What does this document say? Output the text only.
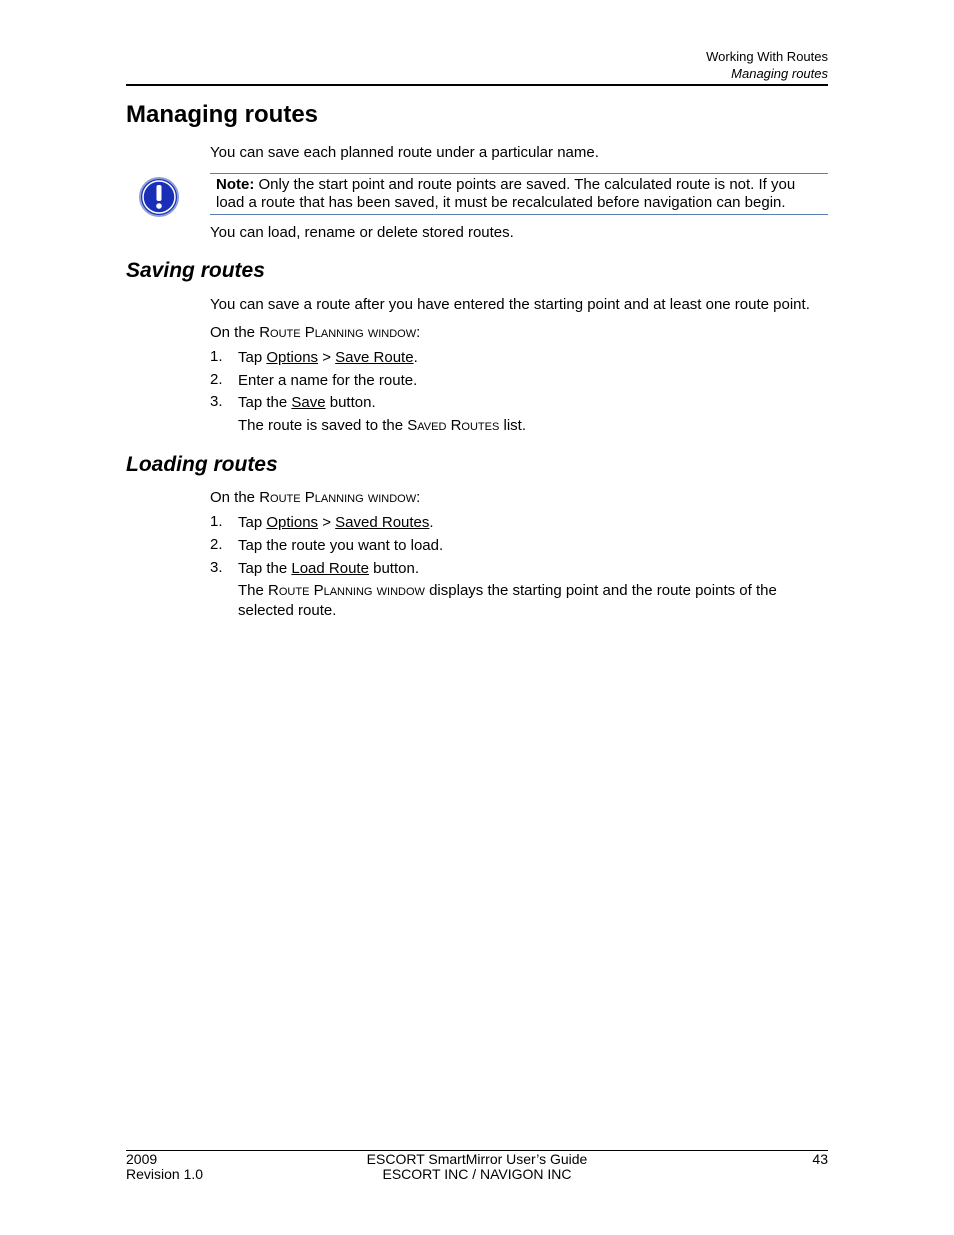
Working With Routes
Managing routes
Managing routes
You can save each planned route under a particular name.
Note: Only the start point and route points are saved. The calculated route is not. If you load a route that has been saved, it must be recalculated before navigation can begin.
You can load, rename or delete stored routes.
Saving routes
You can save a route after you have entered the starting point and at least one route point.
On the Route Planning window:
1. Tap Options > Save Route.
2. Enter a name for the route.
3. Tap the Save button.
The route is saved to the Saved Routes list.
Loading routes
On the Route Planning window:
1. Tap Options > Saved Routes.
2. Tap the route you want to load.
3. Tap the Load Route button.
The Route Planning window displays the starting point and the route points of the selected route.
2009
Revision 1.0
ESCORT SmartMirror User’s Guide
ESCORT INC / NAVIGON INC
43
